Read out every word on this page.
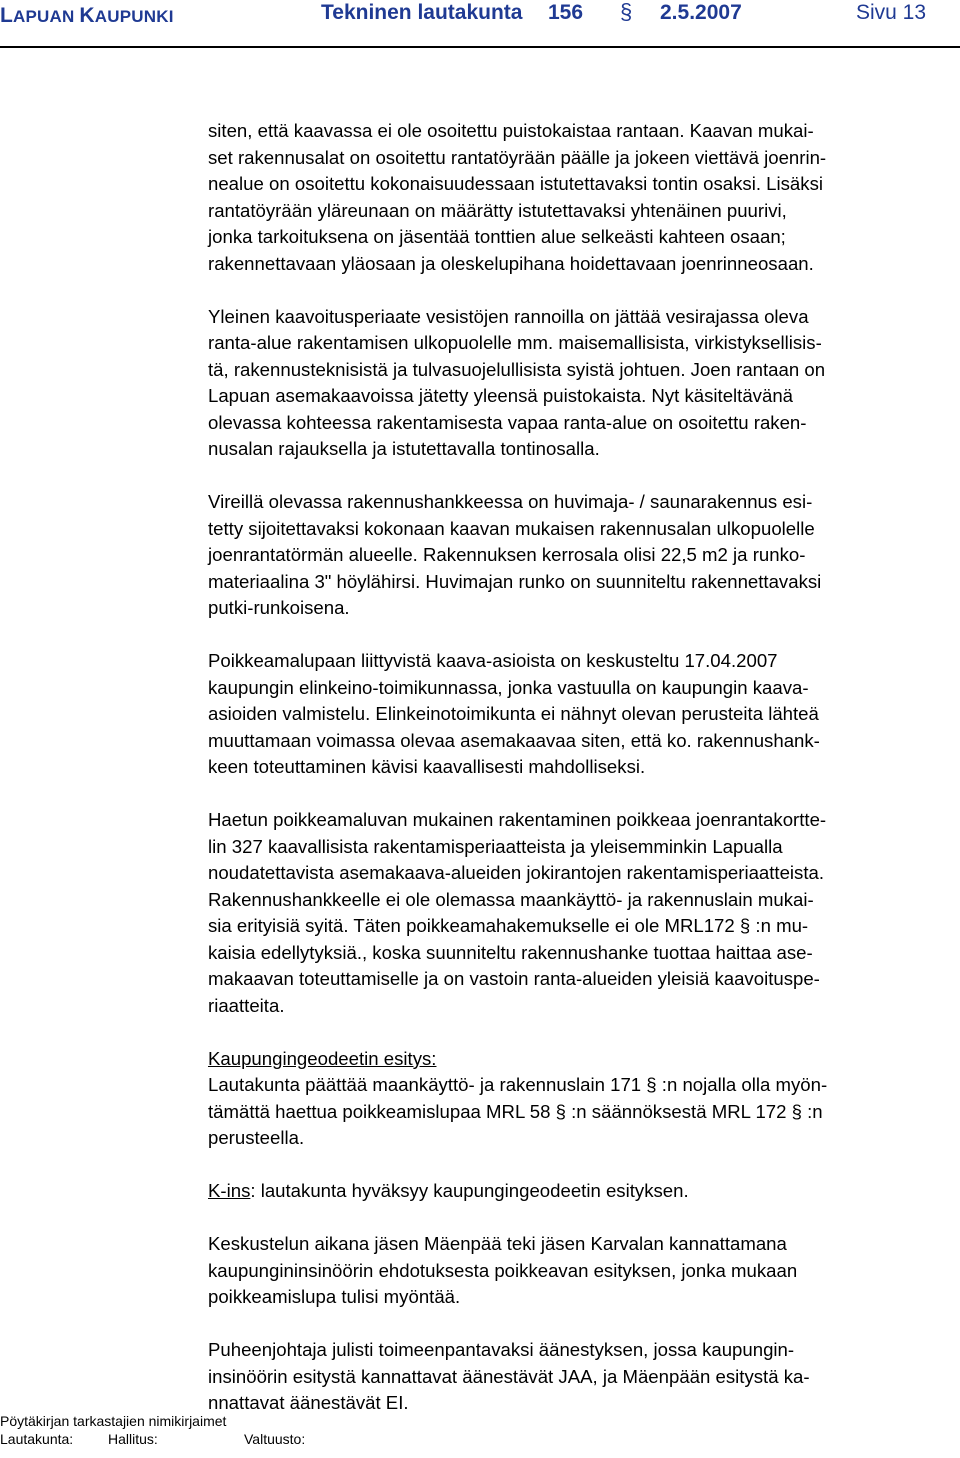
LAPUAN KAUPUNKI	Tekninen lautakunta 156 § 2.5.2007	Sivu 13
siten, että kaavassa ei ole osoitettu puistokaistaa rantaan. Kaavan mukai-
set rakennusalat on osoitettu rantatöyrään päälle ja jokeen viettävä joenrin-
nealue on osoitettu kokonaisuudessaan istutettavaksi tontin osaksi. Lisäksi
rantatöyrään yläreunaan on määrätty istutettavaksi yhtenäinen puurivi,
jonka tarkoituksena on jäsentää tonttien alue selkeästi kahteen osaan;
rakennettavaan yläosaan ja oleskelupihana hoidettavaan joenrinneosaan.
Yleinen kaavoitusperiaate vesistöjen rannoilla on jättää vesirajassa oleva
ranta-alue rakentamisen ulkopuolelle mm. maisemallisista, virkistyksellisis-
tä, rakennusteknisistä ja tulvasuojelullisista syistä johtuen. Joen rantaan on
Lapuan asemakaavoissa jätetty yleensä puistokaista. Nyt käsiteltävänä
olevassa kohteessa rakentamisesta vapaa ranta-alue on osoitettu raken-
nusalan rajauksella ja istutettavalla tontinosalla.
Vireillä olevassa rakennushankkeessa on huvimaja- / saunarakennus esi-
tetty sijoitettavaksi kokonaan kaavan mukaisen rakennusalan ulkopuolelle
joenrantatörmän alueelle. Rakennuksen kerrosala olisi 22,5 m2 ja runko-
materiaalina 3" höylähirsi. Huvimajan runko on suunniteltu rakennettavaksi
putki-runkoisena.
Poikkeamalupaan liittyvistä kaava-asioista on keskusteltu 17.04.2007
kaupungin elinkeino-toimikunnassa, jonka vastuulla on kaupungin kaava-
asioiden valmistelu. Elinkeinotoimikunta ei nähnyt olevan perusteita lähteä
muuttamaan voimassa olevaa asemakaavaa siten, että ko. rakennushank-
keen toteuttaminen kävisi kaavallisesti mahdolliseksi.
Haetun poikkeamaluvan mukainen rakentaminen poikkeaa joenrantakortte-
lin 327 kaavallisista rakentamisperiaatteista ja yleisemminkin Lapualla
noudatettavista asemakaava-alueiden jokirantojen rakentamisperiaatteista.
Rakennushankkeelle ei ole olemassa maankäyttö- ja rakennuslain mukai-
sia erityisiä syitä. Täten poikkeamahakemukselle ei ole MRL172 § :n mu-
kaisia edellytyksiä., koska suunniteltu rakennushanke tuottaa haittaa ase-
makaavan toteuttamiselle ja on vastoin ranta-alueiden yleisiä kaavoituspe-
riaatteita.
Kaupungingeodeetin esitys:
Lautakunta päättää maankäyttö- ja rakennuslain 171 § :n nojalla olla myön-
tämättä haettua poikkeamislupaa MRL 58 § :n säännöksestä MRL 172 § :n
perusteella.
K-ins: lautakunta hyväksyy kaupungingeodeetin esityksen.
Keskustelun aikana jäsen Mäenpää teki jäsen Karvalan kannattamana
kaupungininsinöörin ehdotuksesta poikkeavan esityksen, jonka mukaan
poikkeamislupa tulisi myöntää.
Puheenjohtaja julisti toimeenpantavaksi äänestyksen, jossa kaupungin-
insinöörin esitystä kannattavat äänestävät JAA, ja Mäenpään esitystä ka-
nnattavat äänestävät EI.
Pöytäkirjan tarkastajien nimikirjaimet
Lautakunta: Hallitus:	Valtuusto:
